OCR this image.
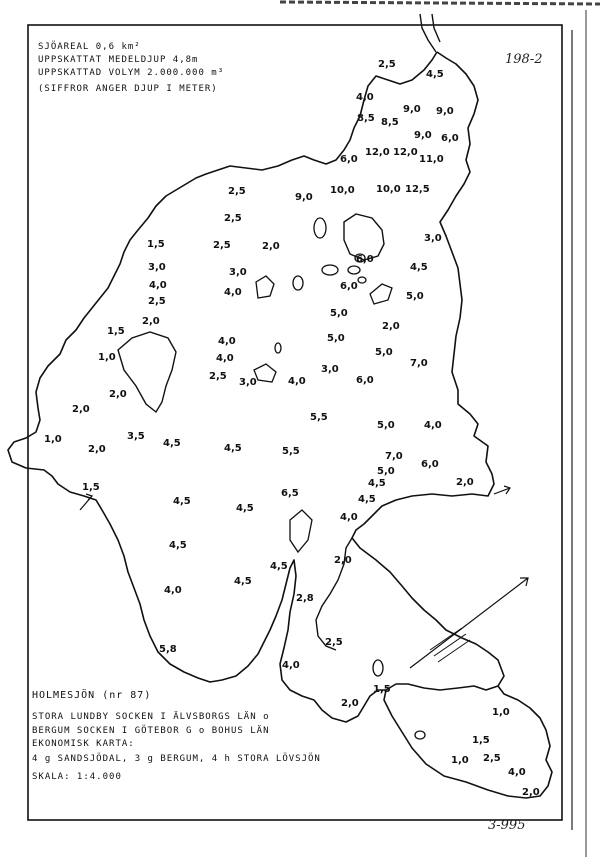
SJÖAREAL 0,6 km²
UPPSKATTAT MEDELDJUP 4,8m
UPPSKATTAD VOLYM 2.000.000 m³
(SIFFROR ANGER DJUP I METER)
198-2
3-995
HOLMESJÖN (nr 87)
STORA LUNDBY SOCKEN I ÄLVSBORGS LÄN o
BERGUM SOCKEN I GÖTEBOR G o BOHUS LÄN
EKONOMISK KARTA:
4 g SANDSJÖDAL, 3 g BERGUM, 4 h STORA LÖVSJÖN
SKALA: 1:4.000
2,5
4,5
4,0
8,5 8,5
9,0 9,0
9,0 6,0
6,0
12,0 12,0
11,0
2,5
9,0
10,0 10,0 12,5
2,5
3,0
1,5	2,5	2,0
6,0
3,0	3,0	4,5
4,0
4,0
6,0
5,0
2,5
2,0
5,0
2,0
1,5
4,0	5,0
5,0
1,0	4,0	7,0
2,5
3,0	4,0
3,0
6,0
2,0
2,0
5,5
5,0	4,0
1,0	3,5
4,5
2,0	4,5	5,5	7,0
5,0
6,0
4,5	2,0
1,5
6,5
4,5
4,5
4,0
4,5
2,0
4,5
4,0
4,5
2,8
4,5
2,5
5,8
4,0
1,5
2,0
1,0
1,5
1,0 2,5
4,0
2,0
